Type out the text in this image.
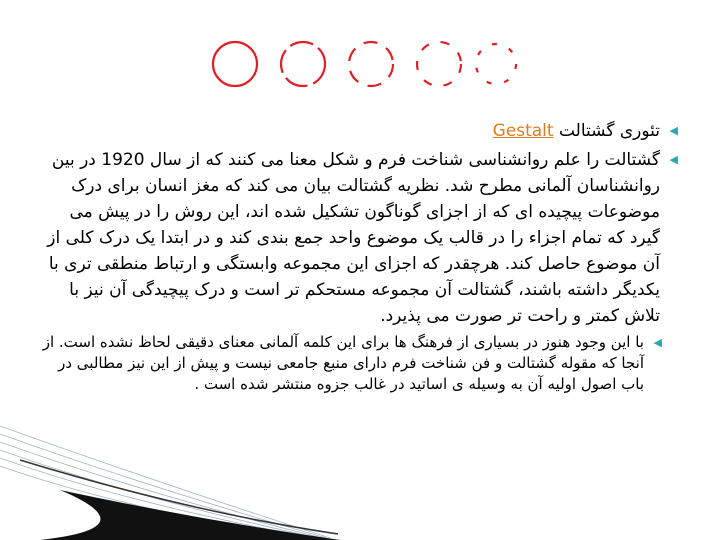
◀
تئوری گشتالت Gestalt
◀
گشتالت را علم روانشناسی شناخت فرم و شکل معنا می کنند که از سال 1920 در بین روانشناسان آلمانی مطرح شد. نظریه گشتالت بیان می کند که مغز انسان برای درک موضوعات پیچیده ای که از اجزای گوناگون تشکیل شده اند، این روش را در پیش می گیرد که تمام اجزاء را در قالب یک موضوع واحد جمع بندی کند و در ابتدا یک درک کلی از آن موضوع حاصل کند. هرچقدر که اجزای این مجموعه وابستگی و ارتباط منطقی تری با یکدیگر داشته باشند، گشتالت آن مجموعه مستحکم تر است و درک پیچیدگی آن نیز با تلاش کمتر و راحت تر صورت می پذیرد.
◀
با این وجود هنوز در بسیاری از فرهنگ ها برای این کلمه آلمانی معنای دقیقی لحاظ نشده است. از آنجا که مقوله گشتالت و فن شناخت فرم دارای منبع جامعی نیست و پیش از این نیز مطالبی در باب اصول اولیه آن به وسیله ی اساتید در غالب جزوه منتشر شده است .
